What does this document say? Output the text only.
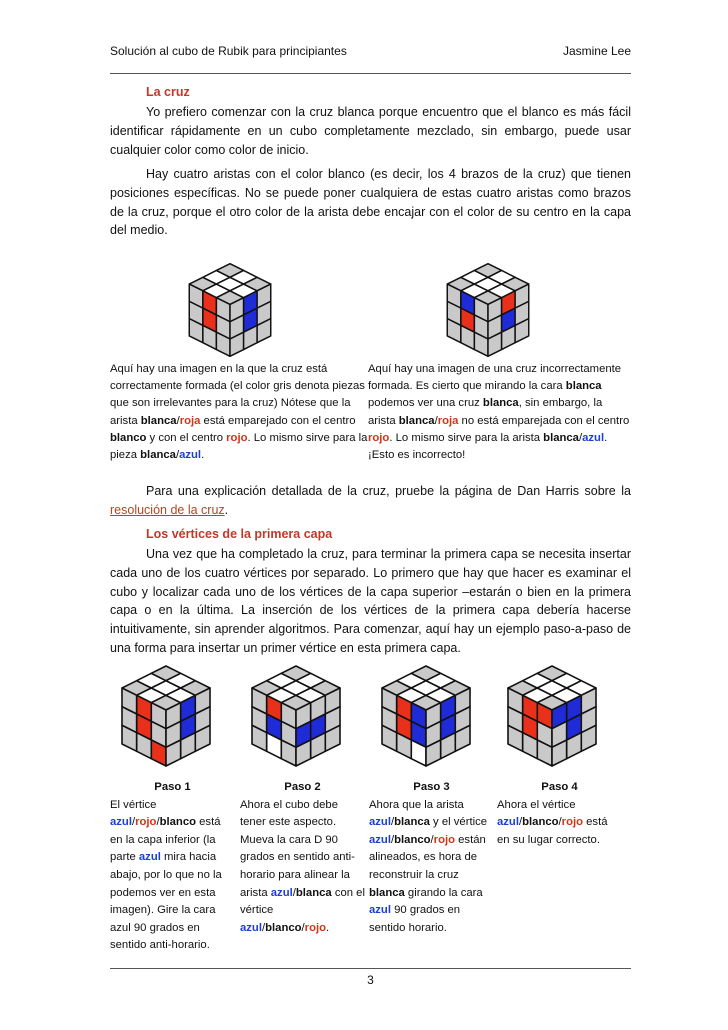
Solución al cubo de Rubik para principiantes	Jasmine Lee
La cruz

Yo prefiero comenzar con la cruz blanca porque encuentro que el blanco es más fácil identificar rápidamente en un cubo completamente mezclado, sin embargo, puede usar cualquier color como color de inicio.

Hay cuatro aristas con el color blanco (es decir, los 4 brazos de la cruz) que tienen posiciones específicas. No se puede poner cualquiera de estas cuatro aristas como brazos de la cruz, porque el otro color de la arista debe encajar con el color de su centro en la capa del medio.

Aquí hay una imagen en la que la cruz está correctamente formada (el color gris denota piezas que son irrelevantes para la cruz) Nótese que la arista blanca/roja está emparejado con el centro blanco y con el centro rojo. Lo mismo sirve para la pieza blanca/azul.
Aquí hay una imagen de una cruz incorrectamente formada. Es cierto que mirando la cara blanca podemos ver una cruz blanca, sin embargo, la arista blanca/roja no está emparejada con el centro rojo. Lo mismo sirve para la arista blanca/azul. ¡Esto es incorrecto!

Para una explicación detallada de la cruz, pruebe la página de Dan Harris sobre la resolución de la cruz.

Los vértices de la primera capa

Una vez que ha completado la cruz, para terminar la primera capa se necesita insertar cada uno de los cuatro vértices por separado. Lo primero que hay que hacer es examinar el cubo y localizar cada uno de los vértices de la capa superior –estarán o bien en la primera capa o en la última. La inserción de los vértices de la primera capa debería hacerse intuitivamente, sin aprender algoritmos. Para comenzar, aquí hay un ejemplo paso-a-paso de una forma para insertar un primer vértice en esta primera capa.

Paso 1
El vértice azul/rojo/blanco está en la capa inferior (la parte azul mira hacia abajo, por lo que no la podemos ver en esta imagen). Gire la cara azul 90 grados en sentido anti-horario.
Paso 2
Ahora el cubo debe tener este aspecto. Mueva la cara D 90 grados en sentido anti-horario para alinear la arista azul/blanca con el vértice azul/blanco/rojo.
Paso 3
Ahora que la arista azul/blanca y el vértice azul/blanco/rojo están alineados, es hora de reconstruir la cruz blanca girando la cara azul 90 grados en sentido horario.
Paso 4
Ahora el vértice azul/blanco/rojo está en su lugar correcto.
3
